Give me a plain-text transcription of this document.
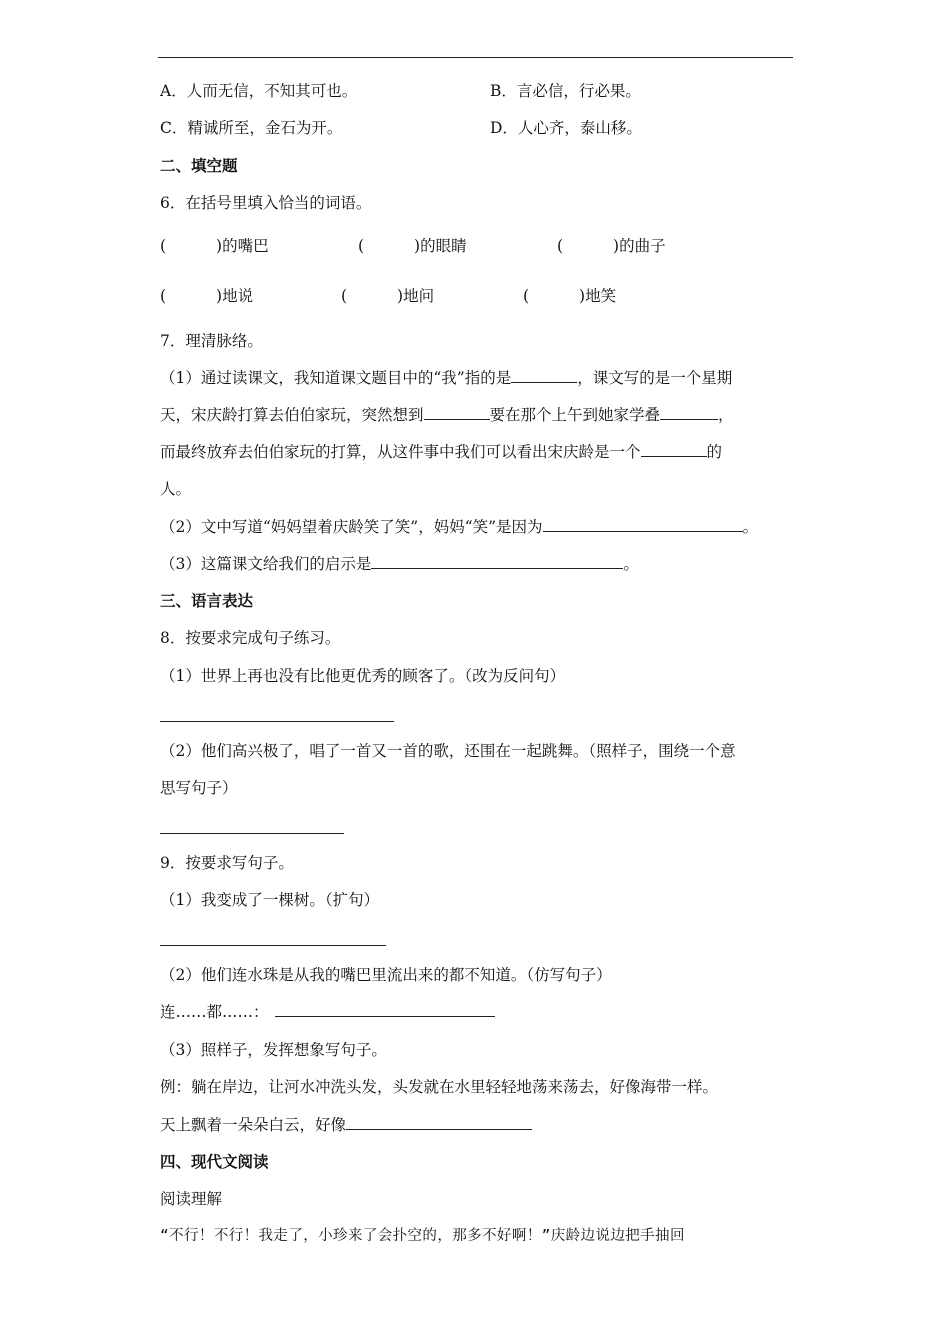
A．人而无信，不知其可也。	B．言必信，行必果。
C．精诚所至，金石为开。	D．人心齐，泰山移。
二、填空题
6．在括号里填入恰当的词语。
(	)的嘴巴	(	)的眼睛	(	)的曲子
(	)地说	(	)地问	(	)地笑
7．理清脉络。
（1）通过读课文，我知道课文题目中的“我”指的是	，课文写的是一个星期
天，宋庆龄打算去伯伯家玩，突然想到	要在那个上午到她家学叠	，
而最终放弃去伯伯家玩的打算，从这件事中我们可以看出宋庆龄是一个	的
人。
（2）文中写道“妈妈望着庆龄笑了笑”，妈妈“笑”是因为	。
（3）这篇课文给我们的启示是	。
三、语言表达
8．按要求完成句子练习。
（1）世界上再也没有比他更优秀的顾客了。（改为反问句）
（2）他们高兴极了，唱了一首又一首的歌，还围在一起跳舞。（照样子，围绕一个意
思写句子）
9．按要求写句子。
（1）我变成了一棵树。（扩句）
（2）他们连水珠是从我的嘴巴里流出来的都不知道。（仿写句子）
连……都……：
（3）照样子，发挥想象写句子。
例：躺在岸边，让河水冲洗头发，头发就在水里轻轻地荡来荡去，好像海带一样。
天上飘着一朵朵白云，好像
四、现代文阅读
阅读理解
“不行！不行！我走了，小珍来了会扑空的，那多不好啊！”庆龄边说边把手抽回
